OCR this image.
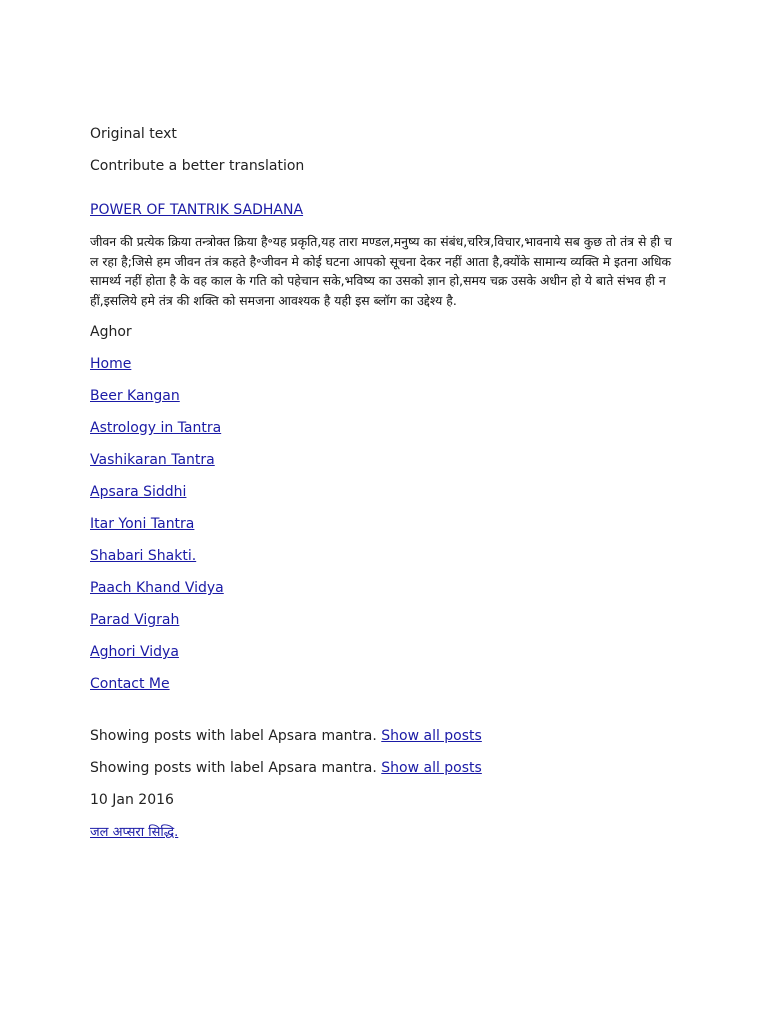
Original text
Contribute a better translation
POWER OF TANTRIK SADHANA
जीवन की प्रत्येक क्रिया तन्त्रोक्त क्रिया है॰यह प्रकृति,यह तारा मण्डल,मनुष्य का संबंध,चरित्र,विचार,भावनाये सब कुछ तो तंत्र से ही चल रहा है;जिसे हम जीवन तंत्र कहते है॰जीवन मे कोई घटना आपको सूचना देकर नहीं आता है,क्योंके सामान्य व्यक्ति मे इतना अधिक सामर्थ्य नहीं होता है के वह काल के गति को पहेचान सके,भविष्य का उसको ज्ञान हो,समय चक्र उसके अधीन हो ये बाते संभव ही नहीं,इसलिये हमे तंत्र की शक्ति को समजना आवश्यक है यही इस ब्लॉग का उद्देश्य है.
Aghor
Home
Beer Kangan
Astrology in Tantra
Vashikaran Tantra
Apsara Siddhi
Itar Yoni Tantra
Shabari Shakti.
Paach Khand Vidya
Parad Vigrah
Aghori Vidya
Contact Me
Showing posts with label Apsara mantra. Show all posts
Showing posts with label Apsara mantra. Show all posts
10 Jan 2016
जल अप्सरा सिद्धि.
